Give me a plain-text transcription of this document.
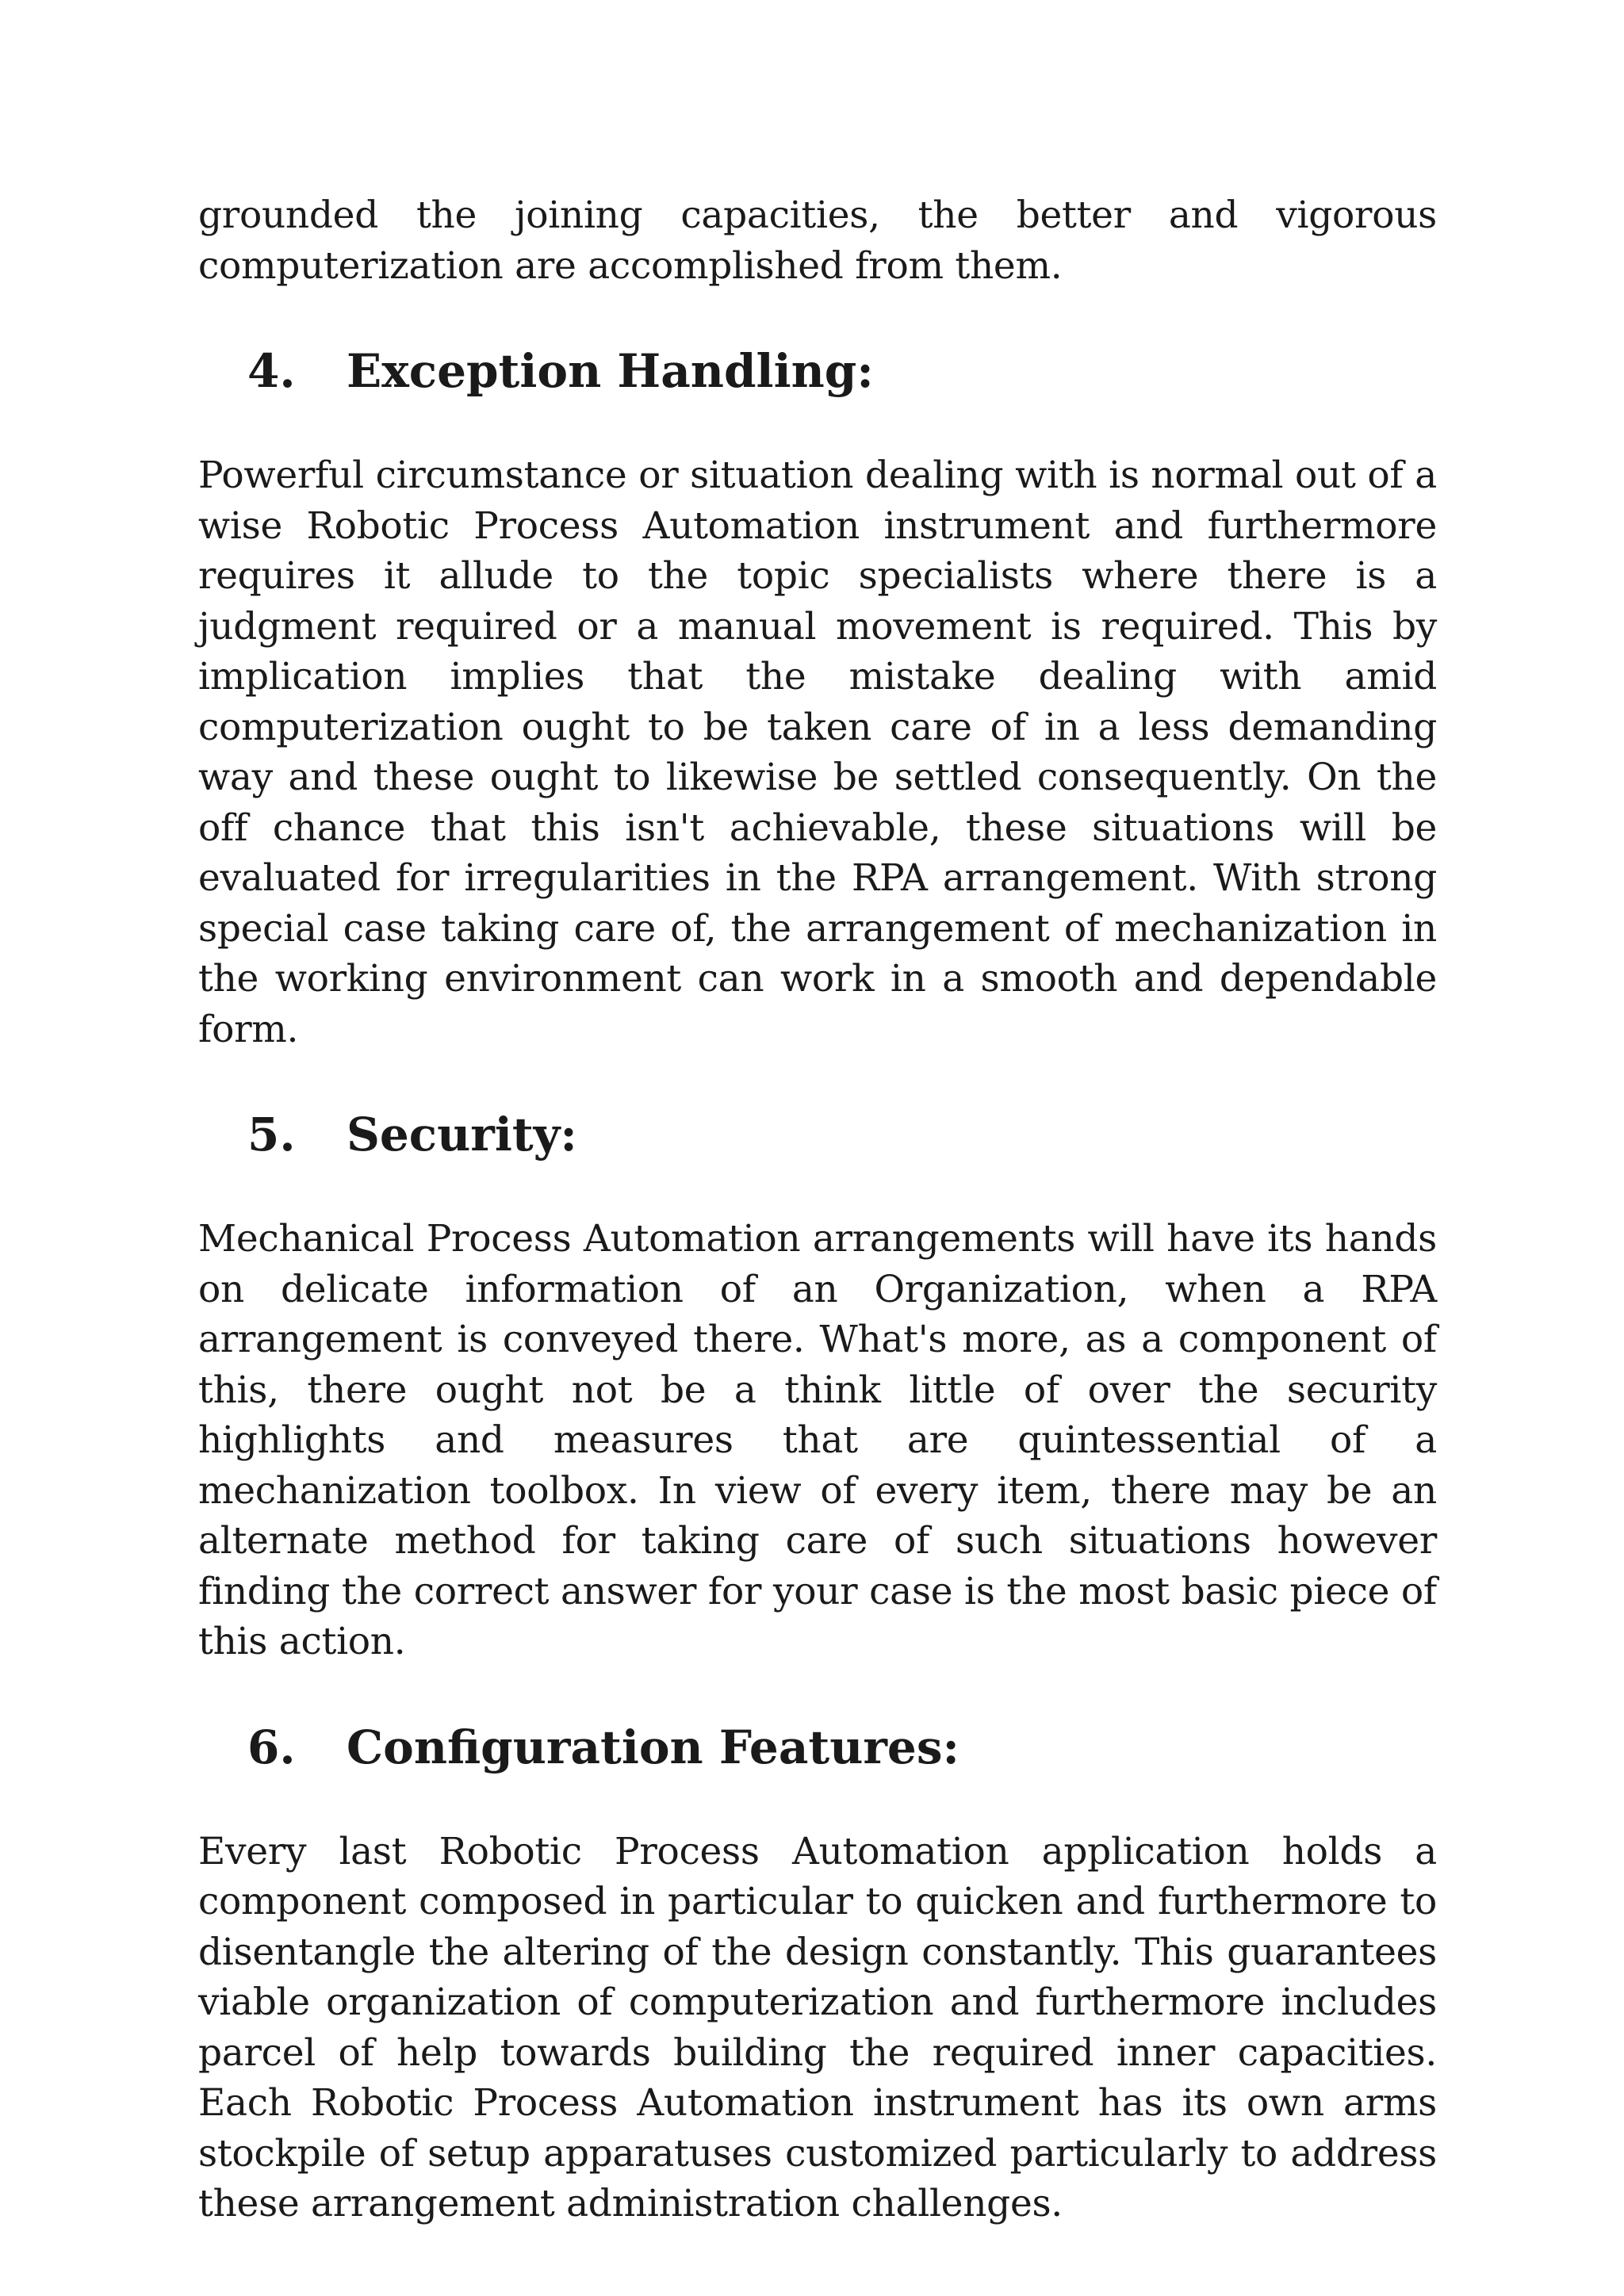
grounded the joining capacities, the better and vigorous computerization are accomplished from them.

4. Exception Handling:

Powerful circumstance or situation dealing with is normal out of a wise Robotic Process Automation instrument and furthermore requires it allude to the topic specialists where there is a judgment required or a manual movement is required. This by implication implies that the mistake dealing with amid computerization ought to be taken care of in a less demanding way and these ought to likewise be settled consequently. On the off chance that this isn't achievable, these situations will be evaluated for irregularities in the RPA arrangement. With strong special case taking care of, the arrangement of mechanization in the working environment can work in a smooth and dependable form.

5. Security:

Mechanical Process Automation arrangements will have its hands on delicate information of an Organization, when a RPA arrangement is conveyed there. What's more, as a component of this, there ought not be a think little of over the security highlights and measures that are quintessential of a mechanization toolbox. In view of every item, there may be an alternate method for taking care of such situations however finding the correct answer for your case is the most basic piece of this action.

6. Configuration Features:

Every last Robotic Process Automation application holds a component composed in particular to quicken and furthermore to disentangle the altering of the design constantly. This guarantees viable organization of computerization and furthermore includes parcel of help towards building the required inner capacities. Each Robotic Process Automation instrument has its own arms stockpile of setup apparatuses customized particularly to address these arrangement administration challenges.
